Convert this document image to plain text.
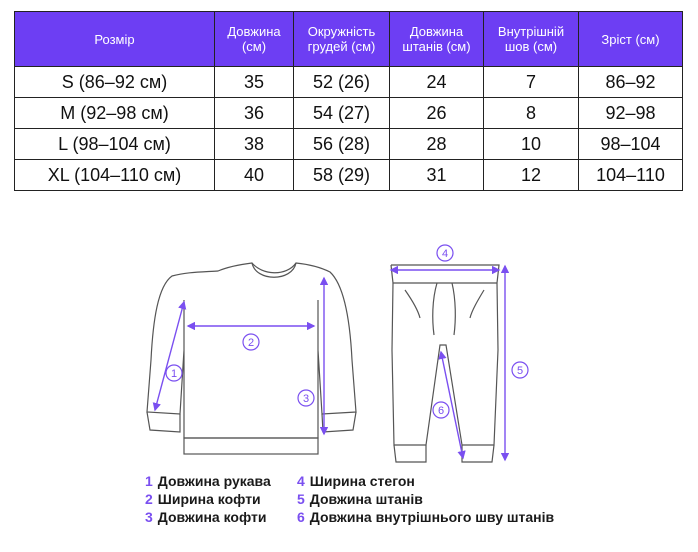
Розмір	Довжина (см)	Окружність грудей (см)	Довжина штанів (см)	Внутрішній шов (см)	Зріст (см)
S (86–92 см)	35	52 (26)	24	7	86–92
M (92–98 см)	36	54 (27)	26	8	92–98
L (98–104 см)	38	56 (28)	28	10	98–104
XL (104–110 см)	40	58 (29)	31	12	104–110
1
2
3
4
5
6
1 Довжина рукава
2 Ширина кофти
3 Довжина кофти
4 Ширина стегон
5 Довжина штанів
6 Довжина внутрішнього шву штанів
